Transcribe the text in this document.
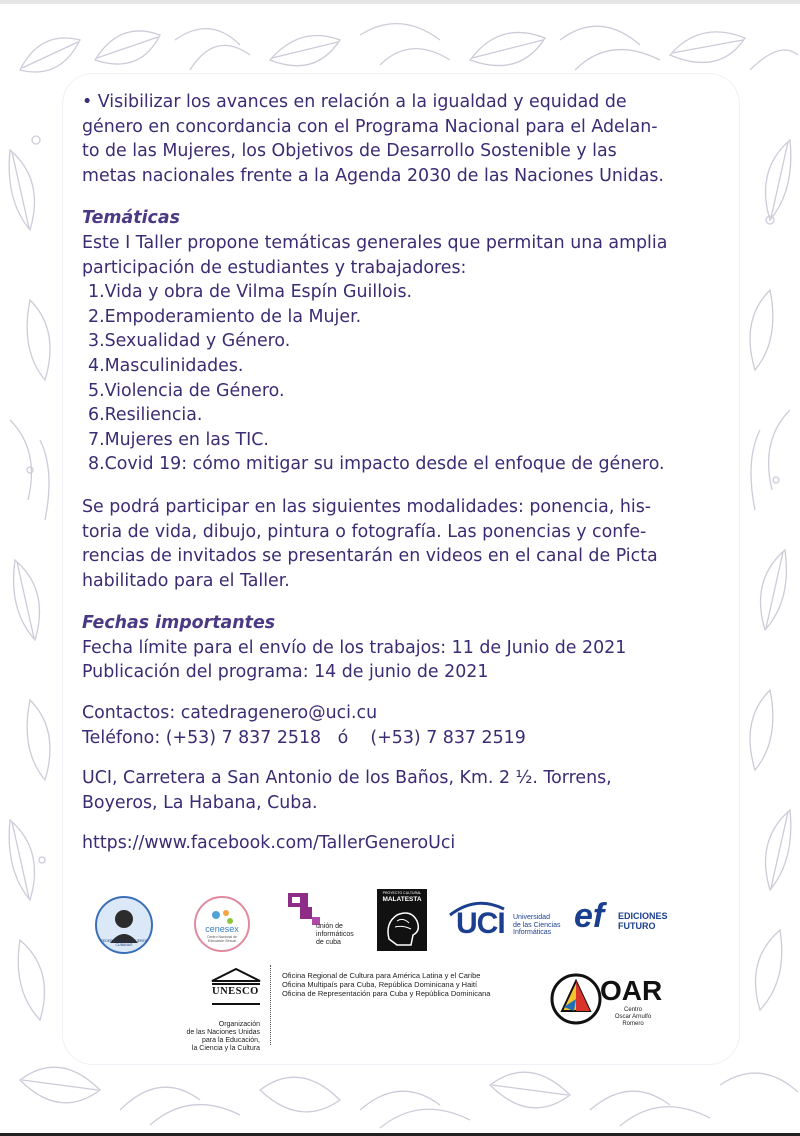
• Visibilizar los avances en relación a la igualdad y equidad de

género en concordancia con el Programa Nacional para el Adelan-

to de las Mujeres, los Objetivos de Desarrollo Sostenible y las

metas nacionales frente a la Agenda 2030 de las Naciones Unidas.

Temáticas

Este I Taller propone temáticas generales que permitan una amplia

participación de estudiantes y trabajadores:

1.Vida y obra de Vilma Espín Guillois.
2.Empoderamiento de la Mujer.
3.Sexualidad y Género.
4.Masculinidades.
5.Violencia de Género.
6.Resiliencia.
7.Mujeres en las TIC.
8.Covid 19: cómo mitigar su impacto desde el enfoque de género.

Se podrá participar en las siguientes modalidades: ponencia, his-

toria de vida, dibujo, pintura o fotografía. Las ponencias y confe-

rencias de invitados se presentarán en videos en el canal de Picta

habilitado para el Taller.

Fechas importantes

Fecha límite para el envío de los trabajos: 11 de Junio de 2021

Publicación del programa: 14 de junio de 2021

Contactos: catedragenero@uci.cu

Teléfono: (+53) 7 837 2518   ó    (+53) 7 837 2519

UCI, Carretera a San Antonio de los Baños, Km. 2 ½. Torrens,

Boyeros, La Habana, Cuba.

https://www.facebook.com/TallerGeneroUci

FEDERACIÓN DE MUJERES CUBANAS
cenesex
Centro Nacional de Educación Sexual
unión de
informáticos
de cuba
PROYECTO CULTURAL
MALATESTA
UCI Universidad
de las Ciencias
Informáticas ef EDICIONES
FUTURO
UNESCO
Organización
de las Naciones Unidas
para la Educación,
la Ciencia y la Cultura
Oficina Regional de Cultura para América Latina y el Caribe
Oficina Multipaís para Cuba, República Dominicana y Haití
Oficina de Representación para Cuba y República Dominicana	OAR
Centro
Oscar Arnulfo Romero
